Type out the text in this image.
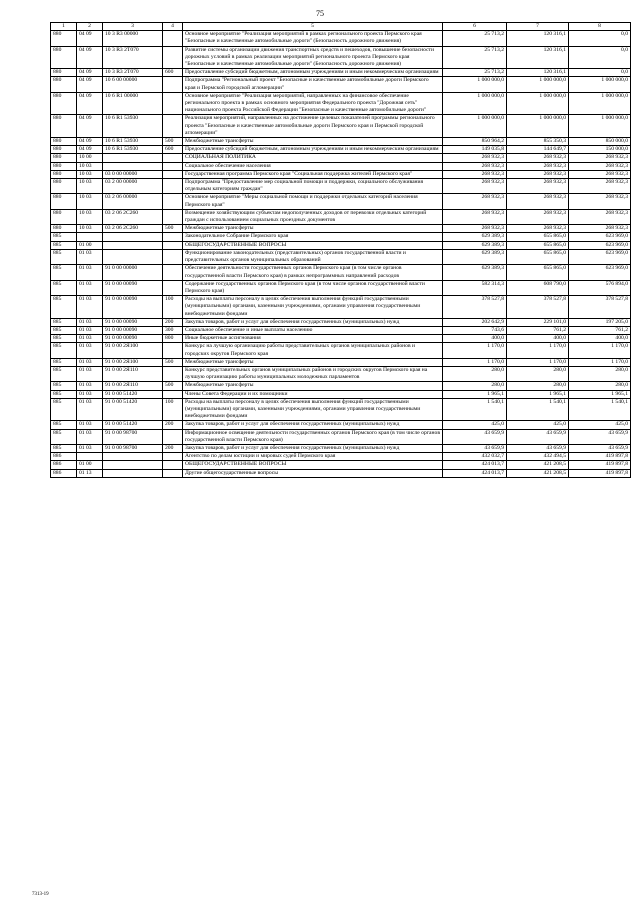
75
1	2	3	4	5	6	7	8
880	04 09	10 3 R3 00000		Основное мероприятие "Реализация мероприятий в рамках регионального проекта Пермского края "Безопасные и качественные автомобильные дороги" (Безопасность дорожного движения)	25 713,2	120 316,1	0,0
880	04 09	10 3 R3 2Т070		Развитие системы организации движения транспортных средств и пешеходов, повышение безопасности дорожных условий в рамках реализации мероприятий регионального проекта Пермского края "Безопасные и качественные автомобильные дороги" (Безопасность дорожного движения)	25 713,2	120 316,1	0,0
880	04 09	10 3 R3 2Т070	600	Предоставление субсидий бюджетным, автономным учреждениям и иным некоммерческим организациям	25 713,2	120 316,1	0,0
880	04 09	10 6 00 00000		Подпрограмма "Региональный проект "Безопасные и качественные автомобильные дороги Пермского края и Пермской городской агломерации"	1 000 000,0	1 000 000,0	1 000 000,0
880	04 09	10 6 R1 00000		Основное мероприятие "Реализация мероприятий, направленных на финансовое обеспечение регионального проекта в рамках основного мероприятия Федерального проекта "Дорожная сеть" национального проекта Российской Федерации "Безопасные и качественные автомобильные дороги"	1 000 000,0	1 000 000,0	1 000 000,0
880	04 09	10 6 R1 53930		Реализация мероприятий, направленных на достижение целевых показателей программы регионального проекта "Безопасные и качественные автомобильные дороги Пермского края и Пермской городской агломерации"	1 000 000,0	1 000 000,0	1 000 000,0
880	04 09	10 6 R1 53930	500	Межбюджетные трансферты	850 964,2	855 350,3	850 000,0
880	04 09	10 6 R1 53930	600	Предоставление субсидий бюджетным, автономным учреждениям и иным некоммерческим организациям	149 035,8	144 649,7	150 000,0
880	10 00			СОЦИАЛЬНАЯ ПОЛИТИКА	268 932,3	268 932,3	268 932,3
880	10 03			Социальное обеспечение населения	268 932,3	268 932,3	268 932,3
880	10 03	03 0 00 00000		Государственная программа Пермского края "Социальная поддержка жителей Пермского края"	268 932,3	268 932,3	268 932,3
880	10 03	03 2 00 00000		Подпрограмма "Предоставление мер социальной помощи и поддержки, социального обслуживания отдельным категориям граждан"	268 932,3	268 932,3	268 932,3
880	10 03	03 2 06 00000		Основное мероприятие "Меры социальной помощи и поддержки отдельных категорий населения Пермского края"	268 932,3	268 932,3	268 932,3
880	10 03	03 2 06 2С260		Возмещение хозяйствующим субъектам недополученных доходов от перевозки отдельных категорий граждан с использованием социальных проездных документов	268 932,3	268 932,3	268 932,3
880	10 03	03 2 06 2С260	500	Межбюджетные трансферты	268 932,3	268 932,3	268 932,3
885				Законодательное Собрание Пермского края	629 389,3	655 865,0	623 969,0
885	01 00			ОБЩЕГОСУДАРСТВЕННЫЕ ВОПРОСЫ	629 389,3	655 865,0	623 969,0
885	01 03			Функционирование законодательных (представительных) органов государственной власти и представительных органов муниципальных образований	629 389,3	655 865,0	623 969,0
885	01 03	91 0 00 00000		Обеспечение деятельности государственных органов Пермского края (в том числе органов государственной власти Пермского края) в рамках непрограммных направлений расходов	629 389,3	655 865,0	623 969,0
885	01 03	91 0 00 00090		Содержание государственных органов Пермского края (в том числе органов государственной власти Пермского края)	582 314,3	608 790,0	576 894,0
885	01 03	91 0 00 00090	100	Расходы на выплаты персоналу в целях обеспечения выполнения функций государственными (муниципальными) органами, казенными учреждениями, органами управления государственными внебюджетными фондами	378 527,8	378 527,8	378 527,8
885	01 03	91 0 00 00090	200	Закупка товаров, работ и услуг для обеспечения государственных (муниципальных) нужд	202 642,9	229 101,0	197 205,0
885	01 03	91 0 00 00090	300	Социальное обеспечение и иные выплаты населению	743,6	761,2	761,2
885	01 03	91 0 00 00090	800	Иные бюджетные ассигнования	400,0	400,0	400,0
885	01 03	91 0 00 2Я100		Конкурс на лучшую организацию работы представительных органов муниципальных районов и городских округов Пермского края	1 170,0	1 170,0	1 170,0
885	01 03	91 0 00 2Я100	500	Межбюджетные трансферты	1 170,0	1 170,0	1 170,0
885	01 03	91 0 00 2Я110		Конкурс представительных органов муниципальных районов и городских округов Пермского края на лучшую организацию работы муниципальных молодежных парламентов	280,0	280,0	280,0
885	01 03	91 0 00 2Я110	500	Межбюджетные трансферты	280,0	280,0	280,0
885	01 03	91 0 00 51420		Члены Совета Федерации и их помощники	1 965,1	1 965,1	1 965,1
885	01 03	91 0 00 51420	100	Расходы на выплаты персоналу в целях обеспечения выполнения функций государственными (муниципальными) органами, казенными учреждениями, органами управления государственными внебюджетными фондами	1 540,1	1 540,1	1 540,1
885	01 03	91 0 00 51420	200	Закупка товаров, работ и услуг для обеспечения государственных (муниципальных) нужд	425,0	425,0	425,0
885	01 03	91 0 00 98700		Информационное освещение деятельности государственных органов Пермского края (в том числе органов государственной власти Пермского края)	43 659,9	43 659,9	43 659,9
885	01 03	91 0 00 98700	200	Закупка товаров, работ и услуг для обеспечения государственных (муниципальных) нужд	43 659,9	43 659,9	43 659,9
886				Агентство по делам юстиции и мировых судей Пермского края	432 032,7	432 494,5	419 897,8
886	01 00			ОБЩЕГОСУДАРСТВЕННЫЕ ВОПРОСЫ	424 013,7	421 208,5	419 897,8
886	01 13			Другие общегосударственные вопросы	424 013,7	421 208,5	419 897,8
7313-19
